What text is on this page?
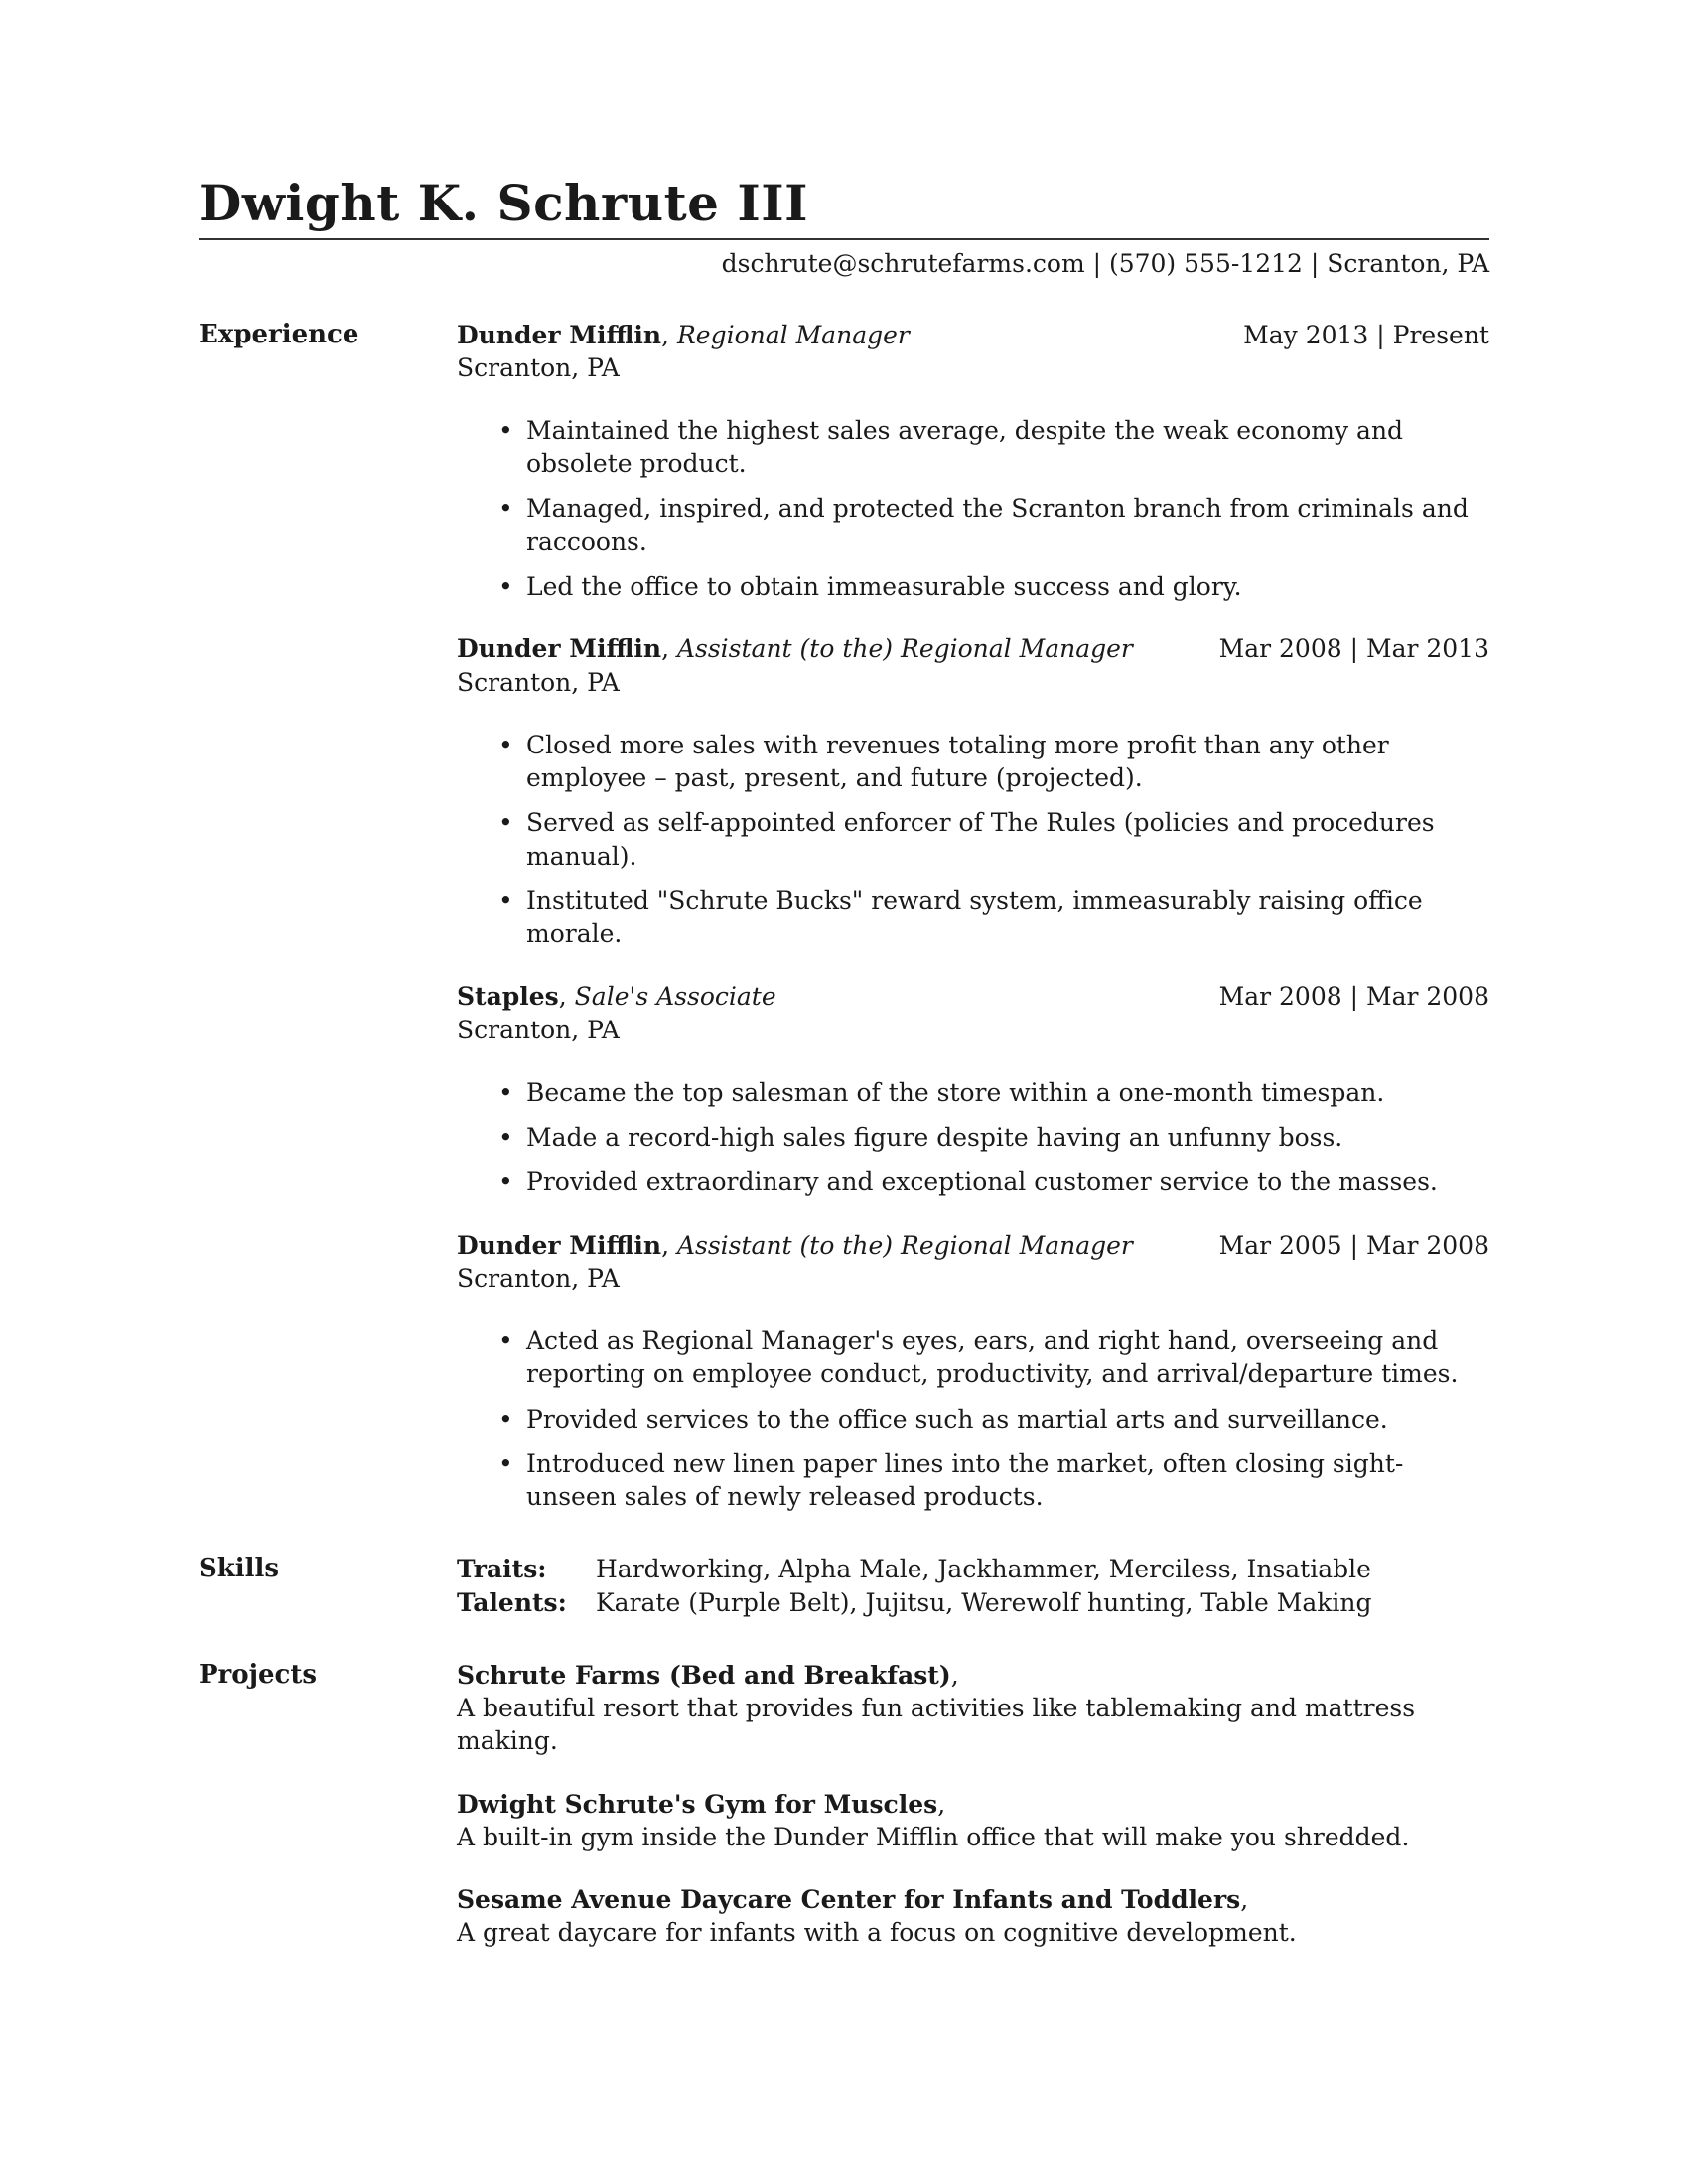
Dwight K. Schrute III
dschrute@schrutefarms.com | (570) 555-1212 | Scranton, PA
Experience	Dunder Mifflin, Regional Manager	May 2013 | Present
Scranton, PA
• Maintained the highest sales average, despite the weak economy and obsolete product.
• Managed, inspired, and protected the Scranton branch from criminals and raccoons.
• Led the office to obtain immeasurable success and glory.
Dunder Mifflin, Assistant (to the) Regional Manager	Mar 2008 | Mar 2013
Scranton, PA
• Closed more sales with revenues totaling more profit than any other employee – past, present, and future (projected).
• Served as self-appointed enforcer of The Rules (policies and procedures manual).
• Instituted "Schrute Bucks" reward system, immeasurably raising office morale.
Staples, Sale's Associate	Mar 2008 | Mar 2008
Scranton, PA
• Became the top salesman of the store within a one-month timespan.
• Made a record-high sales figure despite having an unfunny boss.
• Provided extraordinary and exceptional customer service to the masses.
Dunder Mifflin, Assistant (to the) Regional Manager	Mar 2005 | Mar 2008
Scranton, PA
• Acted as Regional Manager's eyes, ears, and right hand, overseeing and reporting on employee conduct, productivity, and arrival/departure times.
• Provided services to the office such as martial arts and surveillance.
• Introduced new linen paper lines into the market, often closing sight-unseen sales of newly released products.
Skills	Traits:	Hardworking, Alpha Male, Jackhammer, Merciless, Insatiable
Talents:	Karate (Purple Belt), Jujitsu, Werewolf hunting, Table Making
Projects	Schrute Farms (Bed and Breakfast),
A beautiful resort that provides fun activities like tablemaking and mattress making.
Dwight Schrute's Gym for Muscles,
A built-in gym inside the Dunder Mifflin office that will make you shredded.
Sesame Avenue Daycare Center for Infants and Toddlers,
A great daycare for infants with a focus on cognitive development.
